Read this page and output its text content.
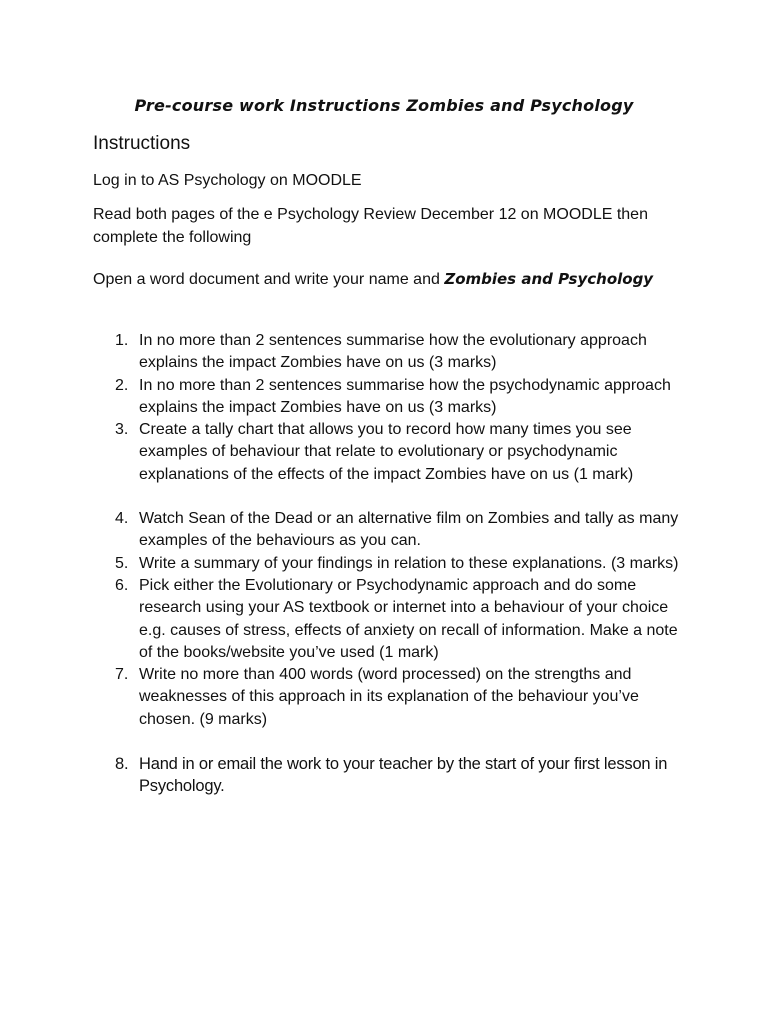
Pre-course work Instructions Zombies and Psychology
Instructions
Log in to AS Psychology on MOODLE
Read both pages of the e Psychology Review December 12 on MOODLE then complete the following
Open a word document and write your name and Zombies and Psychology
1. In no more than 2 sentences summarise how the evolutionary approach explains the impact Zombies have on us (3 marks)
2. In no more than 2 sentences summarise how the psychodynamic approach explains the impact Zombies have on us (3 marks)
3. Create a tally chart that allows you to record how many times you see examples of behaviour that relate to evolutionary or psychodynamic explanations of the effects of the impact Zombies have on us (1 mark)
4. Watch Sean of the Dead or an alternative film on Zombies and tally as many examples of the behaviours as you can.
5. Write a summary of your findings in relation to these explanations. (3 marks)
6. Pick either the Evolutionary or Psychodynamic approach and do some research using your AS textbook or internet into a behaviour of your choice e.g. causes of stress, effects of anxiety on recall of information. Make a note of the books/website you’ve used (1 mark)
7. Write no more than 400 words (word processed) on the strengths and weaknesses of this approach in its explanation of the behaviour you’ve chosen. (9 marks)
8. Hand in or email the work to your teacher by the start of your first lesson in Psychology.
